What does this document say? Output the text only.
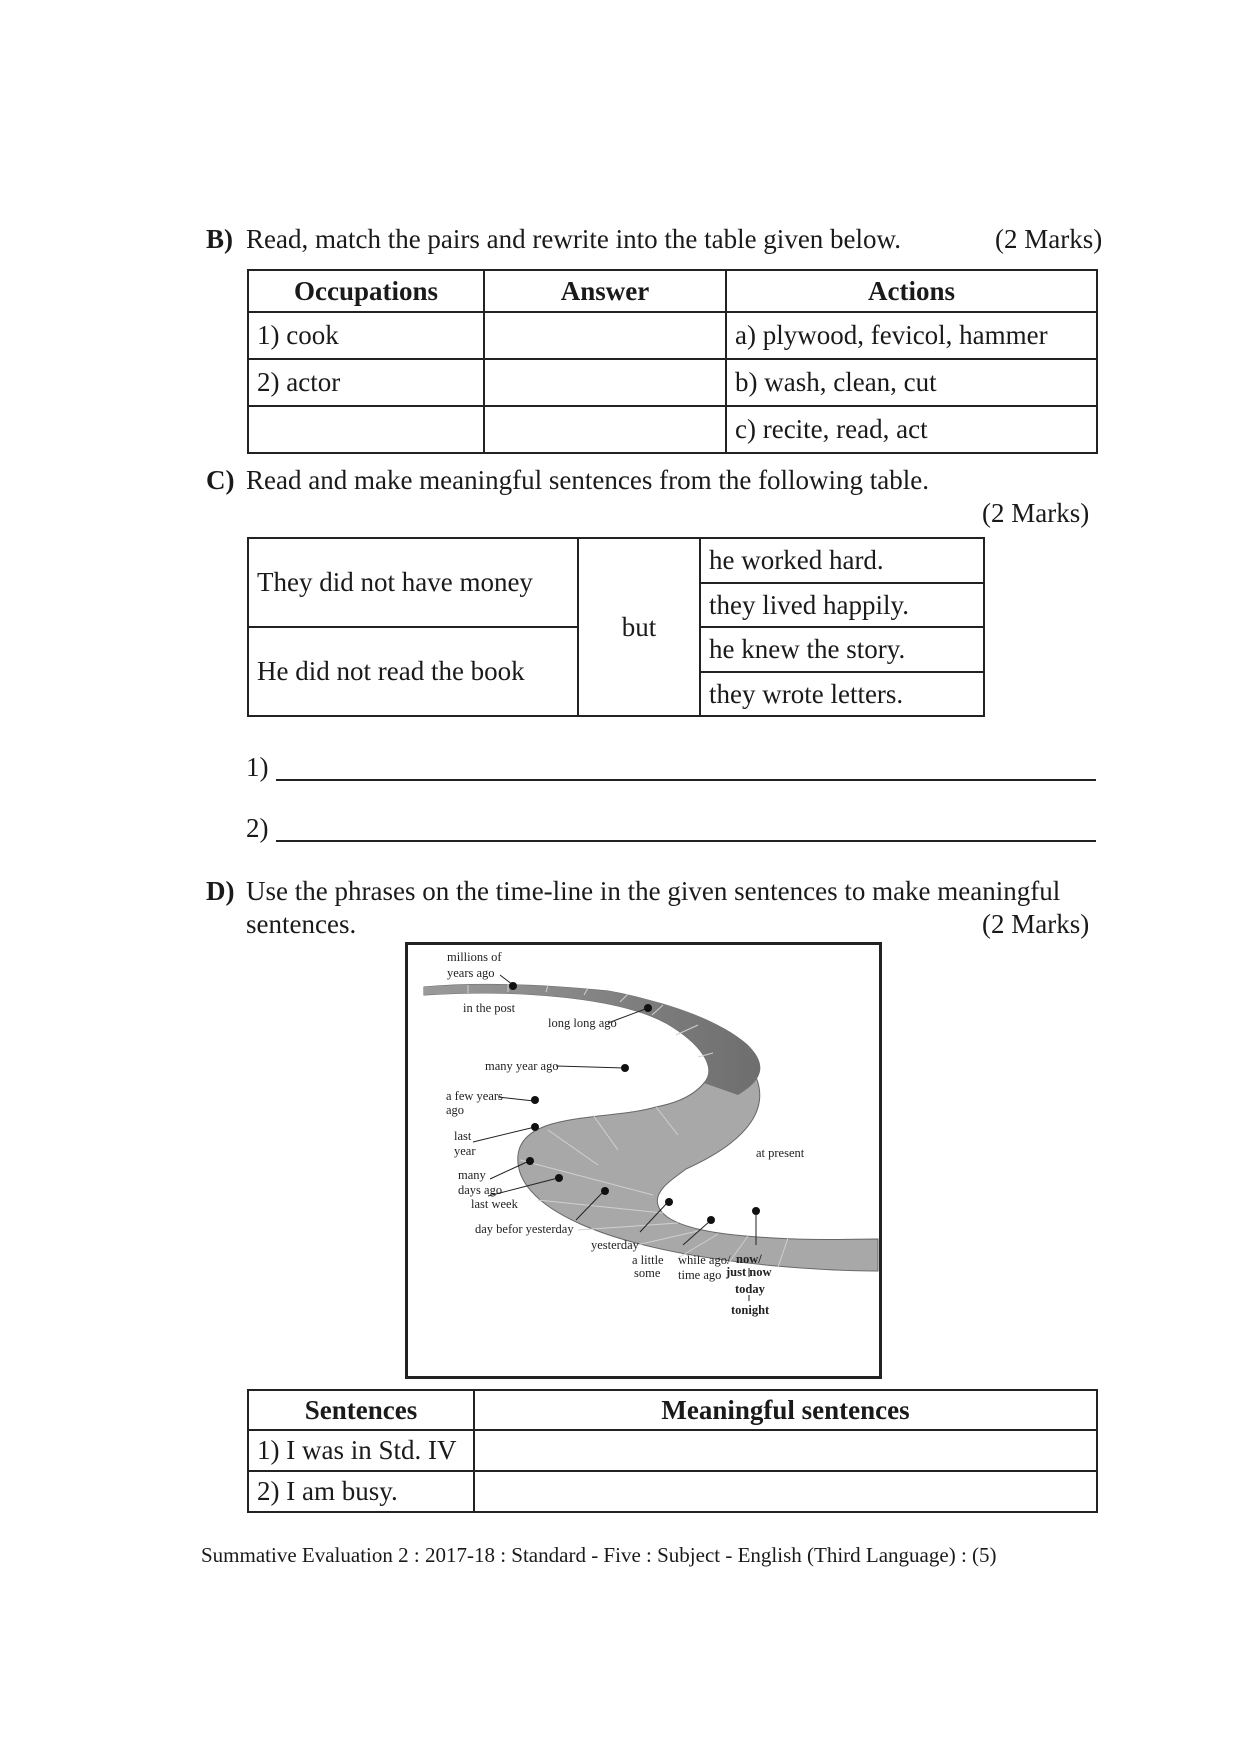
B) Read, match the pairs and rewrite into the table given below.	(2 Marks)
Occupations	Answer	Actions
1) cook		a) plywood, fevicol, hammer
2) actor		b) wash, clean, cut
		c) recite, read, act
C) Read and make meaningful sentences from the following table.
(2 Marks)
They did not have money	but	he worked hard.
		they lived happily.
He did not read the book		he knew the story.
		they wrote letters.
1)
2)
D) Use the phrases on the time-line in the given sentences to make meaningful
sentences.	(2 Marks)
millions of
years ago
in the post
long long ago
many year ago
a few years
ago
last
year
many
days ago
last week
day befor yesterday
yesterday
a little
some
while ago/
time ago
now/
just now
today
tonight
at present
Sentences	Meaningful sentences
1) I was in Std. IV	
2) I am busy.	
Summative Evaluation 2 : 2017-18 : Standard - Five : Subject - English (Third Language) : (5)
